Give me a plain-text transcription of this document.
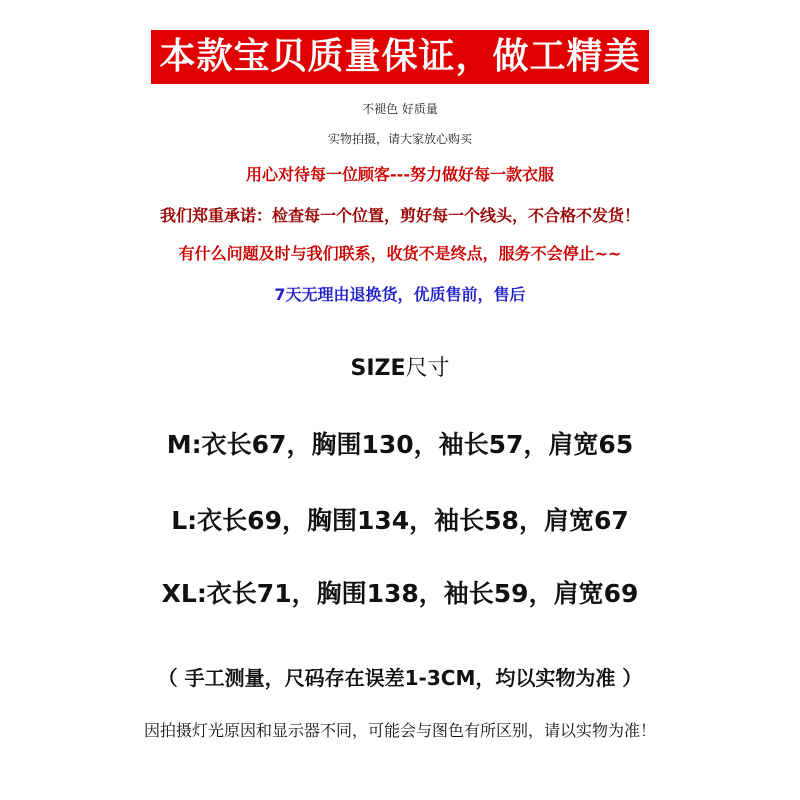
本款宝贝质量保证，做工精美
不褪色 好质量
实物拍摄，请大家放心购买
用心对待每一位顾客---努力做好每一款衣服
我们郑重承诺：检查每一个位置，剪好每一个线头，不合格不发货！
有什么问题及时与我们联系，收货不是终点，服务不会停止~~
7天无理由退换货，优质售前，售后
SIZE尺寸
M:衣长67，胸围130，袖长57，肩宽65
L:衣长69，胸围134，袖长58，肩宽67
XL:衣长71，胸围138，袖长59，肩宽69
（ 手工测量，尺码存在误差1-3CM，均以实物为准 ）
因拍摄灯光原因和显示器不同，可能会与图色有所区别，请以实物为准！
